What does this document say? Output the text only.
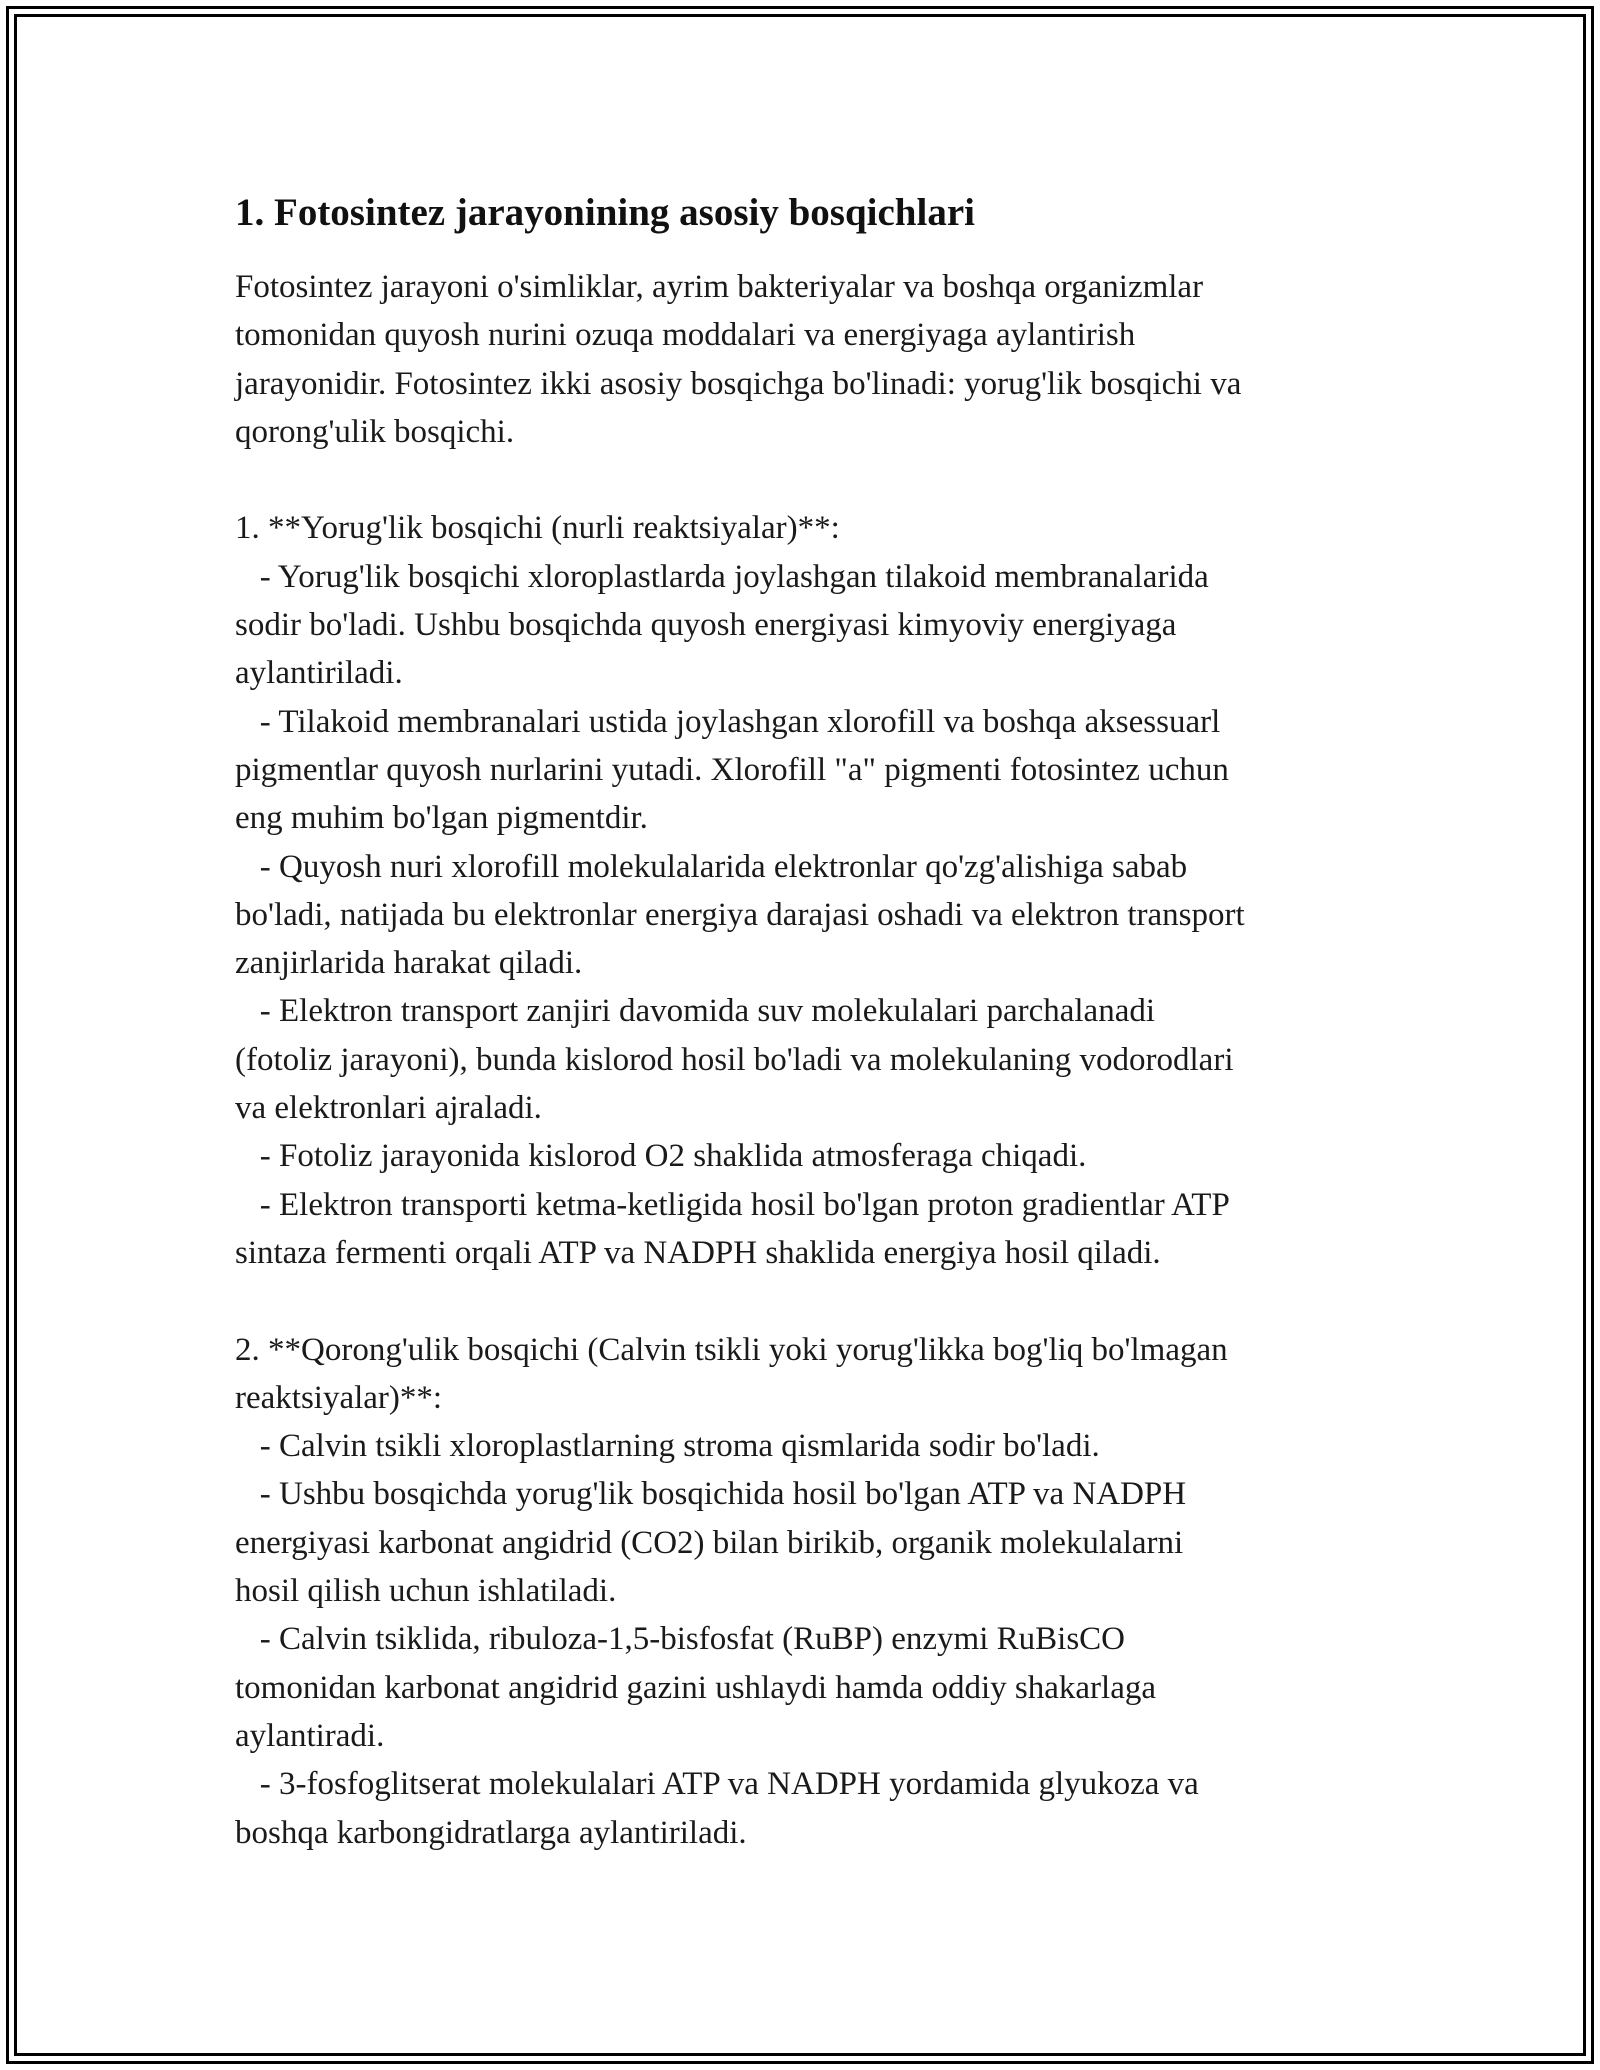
1. Fotosintez jarayonining asosiy bosqichlari
Fotosintez jarayoni o'simliklar, ayrim bakteriyalar va boshqa organizmlar
tomonidan quyosh nurini ozuqa moddalari va energiyaga aylantirish
jarayonidir. Fotosintez ikki asosiy bosqichga bo'linadi: yorug'lik bosqichi va
qorong'ulik bosqichi.

1. **Yorug'lik bosqichi (nurli reaktsiyalar)**:
- Yorug'lik bosqichi xloroplastlarda joylashgan tilakoid membranalarida
sodir bo'ladi. Ushbu bosqichda quyosh energiyasi kimyoviy energiyaga
aylantiriladi.
- Tilakoid membranalari ustida joylashgan xlorofill va boshqa aksessuarl
pigmentlar quyosh nurlarini yutadi. Xlorofill "a" pigmenti fotosintez uchun
eng muhim bo'lgan pigmentdir.
- Quyosh nuri xlorofill molekulalarida elektronlar qo'zg'alishiga sabab
bo'ladi, natijada bu elektronlar energiya darajasi oshadi va elektron transport
zanjirlarida harakat qiladi.
- Elektron transport zanjiri davomida suv molekulalari parchalanadi
(fotoliz jarayoni), bunda kislorod hosil bo'ladi va molekulaning vodorodlari
va elektronlari ajraladi.
- Fotoliz jarayonida kislorod O2 shaklida atmosferaga chiqadi.
- Elektron transporti ketma-ketligida hosil bo'lgan proton gradientlar ATP
sintaza fermenti orqali ATP va NADPH shaklida energiya hosil qiladi.

2. **Qorong'ulik bosqichi (Calvin tsikli yoki yorug'likka bog'liq bo'lmagan
reaktsiyalar)**:
- Calvin tsikli xloroplastlarning stroma qismlarida sodir bo'ladi.
- Ushbu bosqichda yorug'lik bosqichida hosil bo'lgan ATP va NADPH
energiyasi karbonat angidrid (CO2) bilan birikib, organik molekulalarni
hosil qilish uchun ishlatiladi.
- Calvin tsiklida, ribuloza-1,5-bisfosfat (RuBP) enzymi RuBisCO
tomonidan karbonat angidrid gazini ushlaydi hamda oddiy shakarlaga
aylantiradi.
- 3-fosfoglitserat molekulalari ATP va NADPH yordamida glyukoza va
boshqa karbongidratlarga aylantiriladi.
